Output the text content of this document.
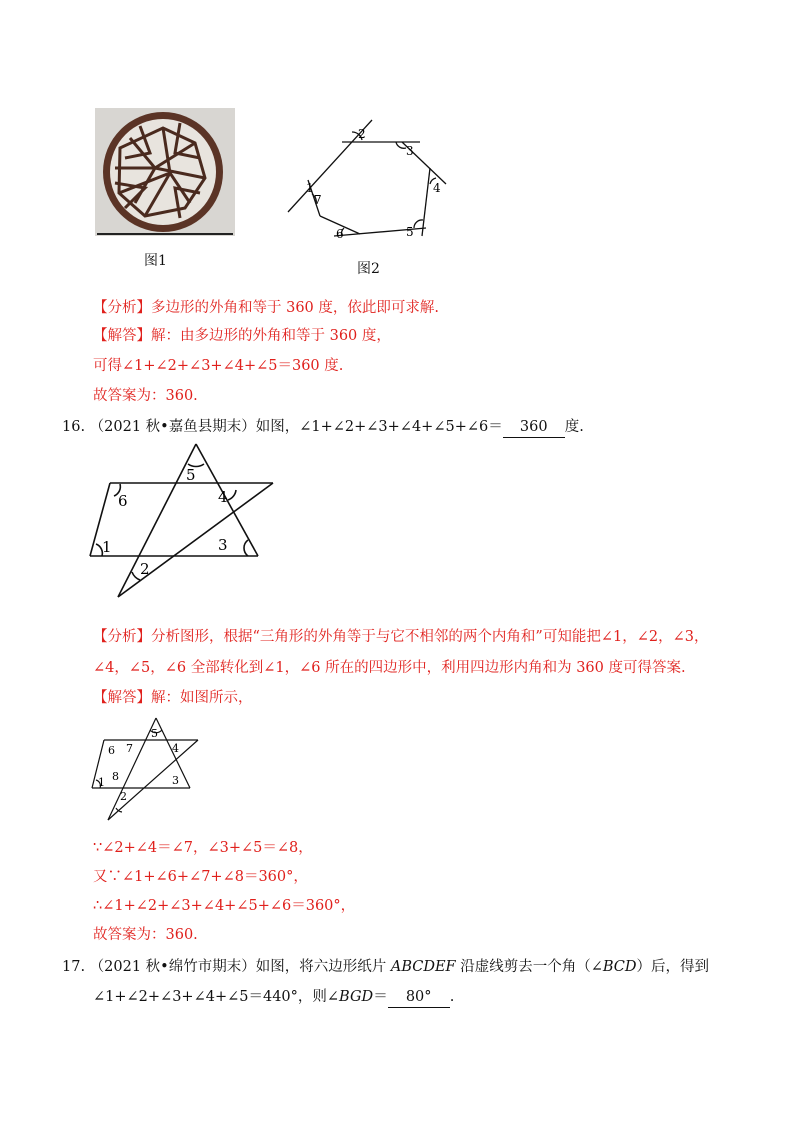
图1
1
2
3
4
5
6
7
图2
【分析】多边形的外角和等于 360 度，依此即可求解.
【解答】解：由多边形的外角和等于 360 度，
可得∠1+∠2+∠3+∠4+∠5＝360 度.
故答案为：360.
16. （2021 秋•嘉鱼县期末）如图，∠1+∠2+∠3+∠4+∠5+∠6＝ 360 度.
1
2
3
4
5
6
【分析】分析图形，根据“三角形的外角等于与它不相邻的两个内角和”可知能把∠1，∠2，∠3，
∠4，∠5，∠6 全部转化到∠1，∠6 所在的四边形中，利用四边形内角和为 360 度可得答案.
【解答】解：如图所示，
1
2
3
4
5
6 7
8
∵∠2+∠4＝∠7，∠3+∠5＝∠8，
又∵∠1+∠6+∠7+∠8＝360°，
∴∠1+∠2+∠3+∠4+∠5+∠6＝360°，
故答案为：360.
17. （2021 秋•绵竹市期末）如图，将六边形纸片 ABCDEF 沿虚线剪去一个角（∠BCD）后，得到
∠1+∠2+∠3+∠4+∠5＝440°，则∠BGD＝ 80° .
